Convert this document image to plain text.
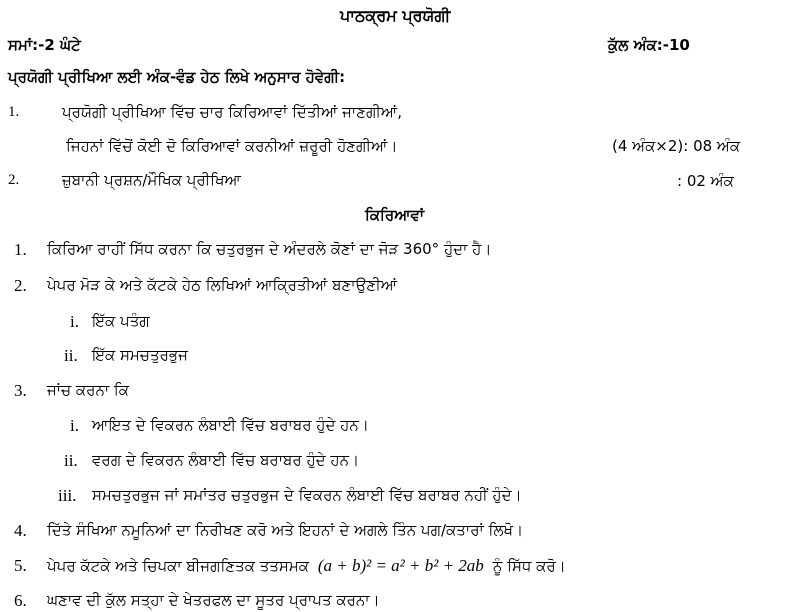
ਪਾਠਕ੍ਰਮ ਪ੍ਰਯੋਗੀ
ਸਮਾਂ:-2 ਘੰਟੇ	ਕੁੱਲ ਅੰਕ:-10
ਪ੍ਰਯੋਗੀ ਪ੍ਰੀਖਿਆ ਲਈ ਅੰਕ-ਵੰਡ ਹੇਠ ਲਿਖੇ ਅਨੁਸਾਰ ਹੋਵੇਗੀ:
1.	ਪ੍ਰਯੋਗੀ ਪ੍ਰੀਖਿਆ ਵਿੱਚ ਚਾਰ ਕਿਰਿਆਵਾਂ ਦਿੱਤੀਆਂ ਜਾਣਗੀਆਂ,
ਜਿਹਨਾਂ ਵਿੱਚੋਂ ਕੋਈ ਦੋ ਕਿਰਿਆਵਾਂ ਕਰਨੀਆਂ ਜ਼ਰੂਰੀ ਹੋਣਗੀਆਂ।	(4 ਅੰਕ×2): 08 ਅੰਕ
2.	ਜ਼ੁਬਾਨੀ ਪ੍ਰਸ਼ਨ/ਮੌਖਿਕ ਪ੍ਰੀਖਿਆ	: 02 ਅੰਕ
ਕਿਰਿਆਵਾਂ
1. ਕਿਰਿਆ ਰਾਹੀਂ ਸਿੱਧ ਕਰਨਾ ਕਿ ਚਤੁਰਭੁਜ ਦੇ ਅੰਦਰਲੇ ਕੋਣਾਂ ਦਾ ਜੋੜ 360° ਹੁੰਦਾ ਹੈ।
2. ਪੇਪਰ ਮੋੜ ਕੇ ਅਤੇ ਕੱਟਕੇ ਹੇਠ ਲਿਖਿਆਂ ਆਕ੍ਰਿਤੀਆਂ ਬਣਾਉਣੀਆਂ
i. ਇੱਕ ਪਤੰਗ
ii. ਇੱਕ ਸਮਚਤੁਰਭੁਜ
3. ਜਾਂਚ ਕਰਨਾ ਕਿ
i. ਆਇਤ ਦੇ ਵਿਕਰਨ ਲੰਬਾਈ ਵਿੱਚ ਬਰਾਬਰ ਹੁੰਦੇ ਹਨ।
ii. ਵਰਗ ਦੇ ਵਿਕਰਨ ਲੰਬਾਈ ਵਿੱਚ ਬਰਾਬਰ ਹੁੰਦੇ ਹਨ।
iii. ਸਮਚਤੁਰਭੁਜ ਜਾਂ ਸਮਾਂਤਰ ਚਤੁਰਭੁਜ ਦੇ ਵਿਕਰਨ ਲੰਬਾਈ ਵਿੱਚ ਬਰਾਬਰ ਨਹੀਂ ਹੁੰਦੇ।
4. ਦਿੱਤੇ ਸੰਖਿਆ ਨਮੂਨਿਆਂ ਦਾ ਨਿਰੀਖਣ ਕਰੋ ਅਤੇ ਇਹਨਾਂ ਦੇ ਅਗਲੇ ਤਿੰਨ ਪਗ/ਕਤਾਰਾਂ ਲਿਖੋ।
5. ਪੇਪਰ ਕੱਟਕੇ ਅਤੇ ਚਿਪਕਾ ਬੀਜਗਣਿਤਕ ਤਤਸਮਕ (a + b)² = a² + b² + 2ab ਨੂੰ ਸਿੱਧ ਕਰੋ।
6. ਘਣਾਵ ਦੀ ਕੁੱਲ ਸਤ੍ਹਾ ਦੇ ਖੇਤਰਫਲ ਦਾ ਸੂਤਰ ਪ੍ਰਾਪਤ ਕਰਨਾ।
